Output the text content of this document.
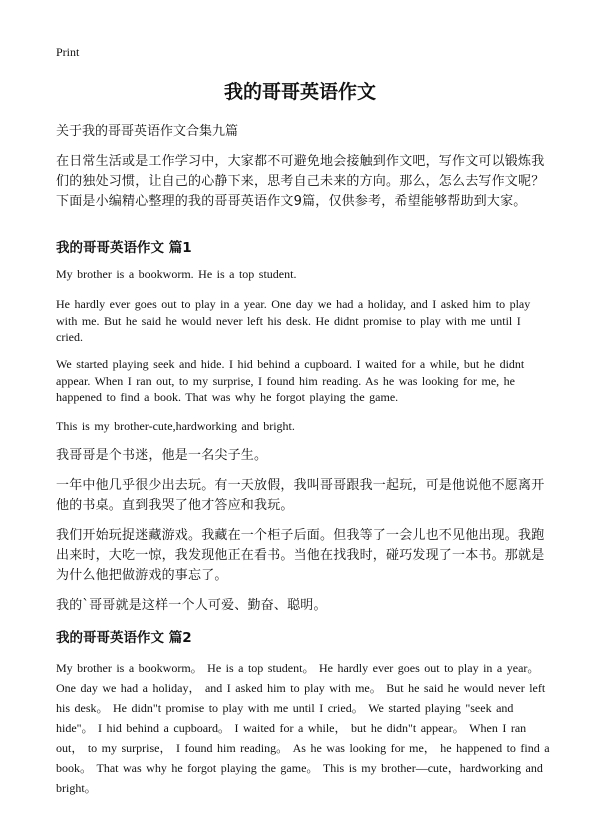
Print
我的哥哥英语作文
关于我的哥哥英语作文合集九篇

在日常生活或是工作学习中，大家都不可避免地会接触到作文吧，写作文可以锻炼我们的独处习惯，让自己的心静下来，思考自己未来的方向。那么，怎么去写作文呢？下面是小编精心整理的我的哥哥英语作文9篇，仅供参考，希望能够帮助到大家。

我的哥哥英语作文 篇1

My brother is a bookworm. He is a top student.

He hardly ever goes out to play in a year. One day we had a holiday, and I asked him to play with me. But he said he would never left his desk. He didnt promise to play with me until I cried.

We started playing seek and hide. I hid behind a cupboard. I waited for a while, but he didnt appear. When I ran out, to my surprise, I found him reading. As he was looking for me, he happened to find a book. That was why he forgot playing the game.

This is my brother-cute,hardworking and bright.

我哥哥是个书迷，他是一名尖子生。

一年中他几乎很少出去玩。有一天放假，我叫哥哥跟我一起玩，可是他说他不愿离开他的书桌。直到我哭了他才答应和我玩。

我们开始玩捉迷藏游戏。我藏在一个柜子后面。但我等了一会儿也不见他出现。我跑出来时，大吃一惊，我发现他正在看书。当他在找我时，碰巧发现了一本书。那就是为什么他把做游戏的事忘了。

我的`哥哥就是这样一个人可爱、勤奋、聪明。

我的哥哥英语作文 篇2

My brother is a bookworm。 He is a top student。 He hardly ever goes out to play in a year。 One day we had a holiday， and I asked him to play with me。 But he said he would never left his desk。 He didn"t promise to play with me until I cried。 We started playing "seek and hide"。 I hid behind a cupboard。 I waited for a while， but he didn"t appear。 When I ran out， to my surprise， I found him reading。 As he was looking for me， he happened to find a book。 That was why he forgot playing the game。 This is my brother—cute，hardworking and bright。
